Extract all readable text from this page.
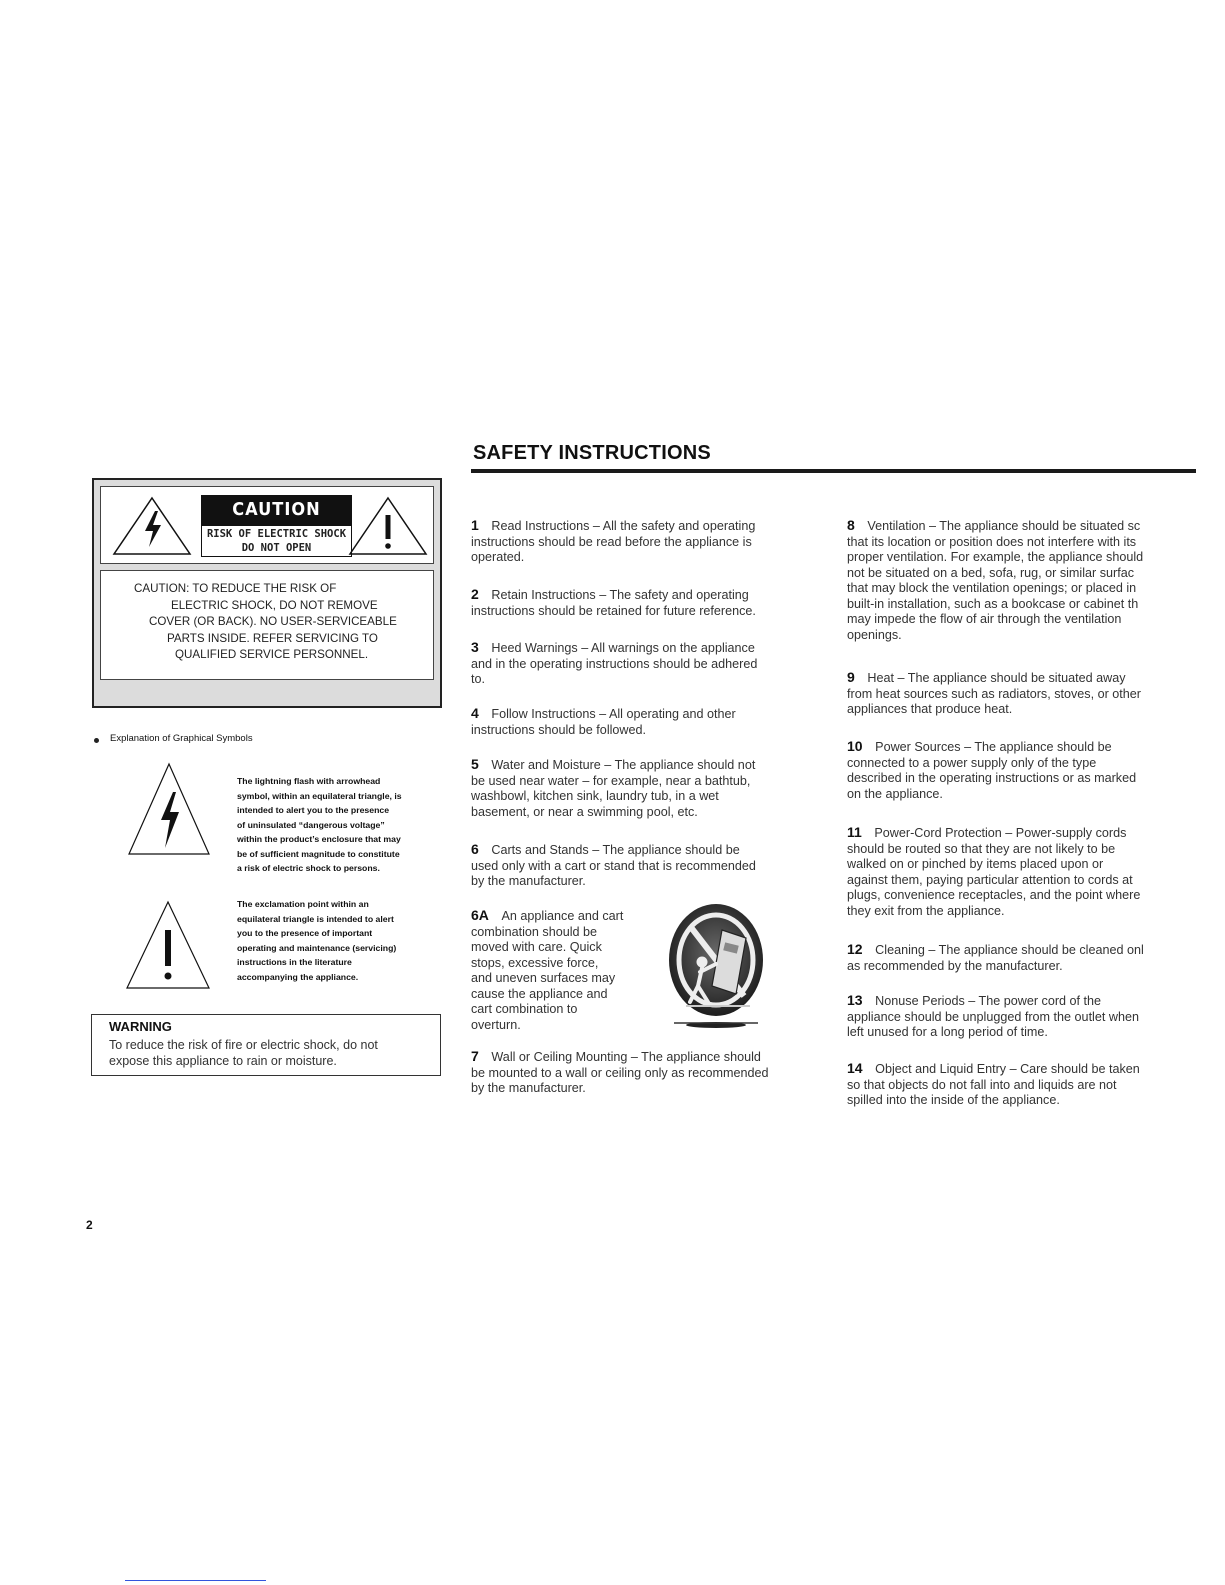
SAFETY INSTRUCTIONS
CAUTION
RISK OF ELECTRIC SHOCK
DO NOT OPEN
CAUTION: TO REDUCE THE RISK OF
ELECTRIC SHOCK, DO NOT REMOVE
COVER (OR BACK). NO USER-SERVICEABLE
PARTS INSIDE. REFER SERVICING TO
QUALIFIED SERVICE PERSONNEL.
Explanation of Graphical Symbols
The lightning flash with arrowhead
symbol, within an equilateral triangle, is
intended to alert you to the presence
of uninsulated “dangerous voltage”
within the product’s enclosure that may
be of sufficient magnitude to constitute
a risk of electric shock to persons.
The exclamation point within an
equilateral triangle is intended to alert
you to the presence of important
operating and maintenance (servicing)
instructions in the literature
accompanying the appliance.
WARNING
To reduce the risk of fire or electric shock, do not
expose this appliance to rain or moisture.
1  Read Instructions – All the safety and operating
instructions should be read before the appliance is
operated.
2  Retain Instructions – The safety and operating
instructions should be retained for future reference.
3  Heed Warnings – All warnings on the appliance
and in the operating instructions should be adhered
to.
4  Follow Instructions – All operating and other
instructions should be followed.
5  Water and Moisture – The appliance should not
be used near water – for example, near a bathtub,
washbowl, kitchen sink, laundry tub, in a wet
basement, or near a swimming pool, etc.
6  Carts and Stands – The appliance should be
used only with a cart or stand that is recommended
by the manufacturer.
6A  An appliance and cart
combination should be
moved with care. Quick
stops, excessive force,
and uneven surfaces may
cause the appliance and
cart combination to
overturn.
7  Wall or Ceiling Mounting – The appliance should
be mounted to a wall or ceiling only as recommended
by the manufacturer.
8  Ventilation – The appliance should be situated sc
that its location or position does not interfere with its
proper ventilation. For example, the appliance should
not be situated on a bed, sofa, rug, or similar surfac
that may block the ventilation openings; or placed in
built-in installation, such as a bookcase or cabinet th
may impede the flow of air through the ventilation
openings.
9  Heat – The appliance should be situated away
from heat sources such as radiators, stoves, or other
appliances that produce heat.
10  Power Sources – The appliance should be
connected to a power supply only of the type
described in the operating instructions or as marked
on the appliance.
11  Power-Cord Protection – Power-supply cords
should be routed so that they are not likely to be
walked on or pinched by items placed upon or
against them, paying particular attention to cords at
plugs, convenience receptacles, and the point where
they exit from the appliance.
12  Cleaning – The appliance should be cleaned onl
as recommended by the manufacturer.
13  Nonuse Periods – The power cord of the
appliance should be unplugged from the outlet when
left unused for a long period of time.
14  Object and Liquid Entry – Care should be taken
so that objects do not fall into and liquids are not
spilled into the inside of the appliance.
2
